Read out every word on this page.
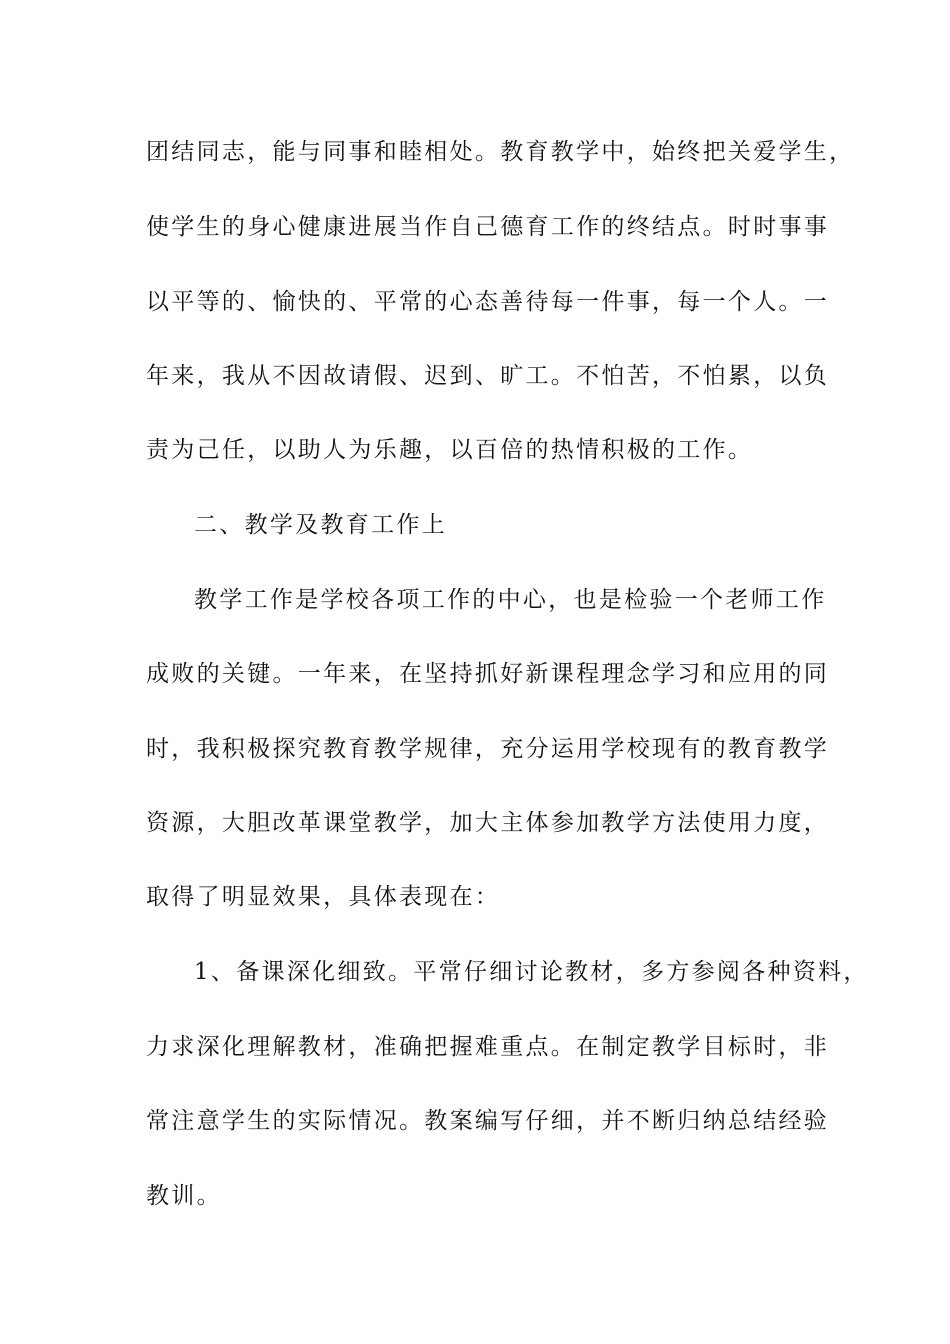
团结同志，能与同事和睦相处。教育教学中，始终把关爱学生，
使学生的身心健康进展当作自己德育工作的终结点。时时事事
以平等的、愉快的、平常的心态善待每一件事，每一个人。一
年来，我从不因故请假、迟到、旷工。不怕苦，不怕累，以负
责为己任，以助人为乐趣，以百倍的热情积极的工作。
二、教学及教育工作上
教学工作是学校各项工作的中心，也是检验一个老师工作
成败的关键。一年来，在坚持抓好新课程理念学习和应用的同
时，我积极探究教育教学规律，充分运用学校现有的教育教学
资源，大胆改革课堂教学，加大主体参加教学方法使用力度，
取得了明显效果，具体表现在：
1、备课深化细致。平常仔细讨论教材，多方参阅各种资料，
力求深化理解教材，准确把握难重点。在制定教学目标时，非
常注意学生的实际情况。教案编写仔细，并不断归纳总结经验
教训。
